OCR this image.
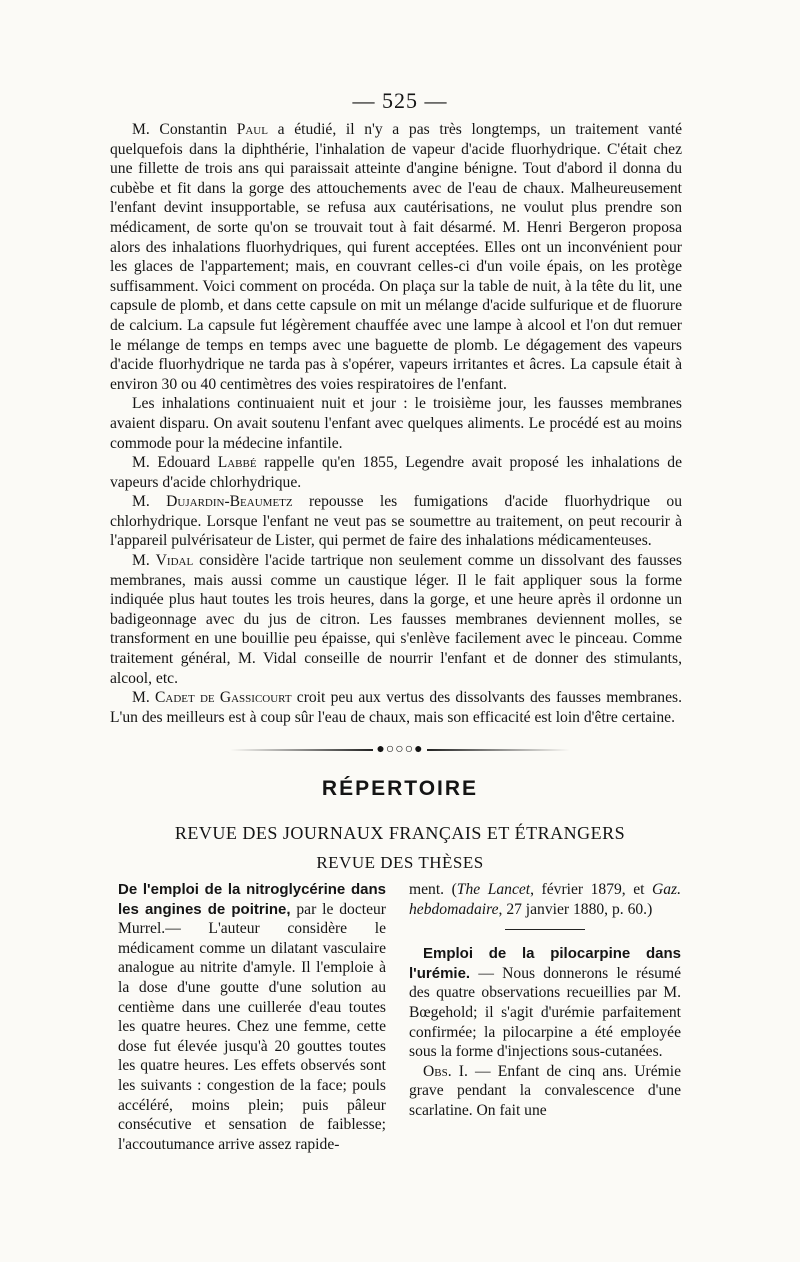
— 525 —

M. Constantin Paul a étudié, il n'y a pas très longtemps, un traitement vanté quelquefois dans la diphthérie, l'inhalation de vapeur d'acide fluorhydrique. C'était chez une fillette de trois ans qui paraissait atteinte d'angine bénigne. Tout d'abord il donna du cubèbe et fit dans la gorge des attouchements avec de l'eau de chaux. Malheureusement l'enfant devint insupportable, se refusa aux cautérisations, ne voulut plus prendre son médicament, de sorte qu'on se trouvait tout à fait désarmé. M. Henri Bergeron proposa alors des inhalations fluorhydriques, qui furent acceptées. Elles ont un inconvénient pour les glaces de l'appartement; mais, en couvrant celles-ci d'un voile épais, on les protège suffisamment. Voici comment on procéda. On plaça sur la table de nuit, à la tête du lit, une capsule de plomb, et dans cette capsule on mit un mélange d'acide sulfurique et de fluorure de calcium. La capsule fut légèrement chauffée avec une lampe à alcool et l'on dut remuer le mélange de temps en temps avec une baguette de plomb. Le dégagement des vapeurs d'acide fluorhydrique ne tarda pas à s'opérer, vapeurs irritantes et âcres. La capsule était à environ 30 ou 40 centimètres des voies respiratoires de l'enfant.

Les inhalations continuaient nuit et jour : le troisième jour, les fausses membranes avaient disparu. On avait soutenu l'enfant avec quelques aliments. Le procédé est au moins commode pour la médecine infantile.

M. Edouard Labbé rappelle qu'en 1855, Legendre avait proposé les inhalations de vapeurs d'acide chlorhydrique.

M. Dujardin-Beaumetz repousse les fumigations d'acide fluorhydrique ou chlorhydrique. Lorsque l'enfant ne veut pas se soumettre au traitement, on peut recourir à l'appareil pulvérisateur de Lister, qui permet de faire des inhalations médicamenteuses.

M. Vidal considère l'acide tartrique non seulement comme un dissolvant des fausses membranes, mais aussi comme un caustique léger. Il le fait appliquer sous la forme indiquée plus haut toutes les trois heures, dans la gorge, et une heure après il ordonne un badigeonnage avec du jus de citron. Les fausses membranes deviennent molles, se transforment en une bouillie peu épaisse, qui s'enlève facilement avec le pinceau. Comme traitement général, M. Vidal conseille de nourrir l'enfant et de donner des stimulants, alcool, etc.

M. Cadet de Gassicourt croit peu aux vertus des dissolvants des fausses membranes. L'un des meilleurs est à coup sûr l'eau de chaux, mais son efficacité est loin d'être certaine.

●○○○●
RÉPERTOIRE
REVUE DES JOURNAUX FRANÇAIS ET ÉTRANGERS
REVUE DES THÈSES

De l'emploi de la nitroglycérine dans les angines de poitrine, par le docteur Murrel.— L'auteur considère le médicament comme un dilatant vasculaire analogue au nitrite d'amyle. Il l'emploie à la dose d'une goutte d'une solution au centième dans une cuillerée d'eau toutes les quatre heures. Chez une femme, cette dose fut élevée jusqu'à 20 gouttes toutes les quatre heures. Les effets observés sont les suivants : congestion de la face; pouls accéléré, moins plein; puis pâleur consécutive et sensation de faiblesse; l'accoutumance arrive assez rapide-

ment. (The Lancet, février 1879, et Gaz. hebdomadaire, 27 janvier 1880, p. 60.)

Emploi de la pilocarpine dans l'urémie. — Nous donnerons le résumé des quatre observations recueillies par M. Bœgehold; il s'agit d'urémie parfaitement confirmée; la pilocarpine a été employée sous la forme d'injections sous-cutanées.

Obs. I. — Enfant de cinq ans. Urémie grave pendant la convalescence d'une scarlatine. On fait une
